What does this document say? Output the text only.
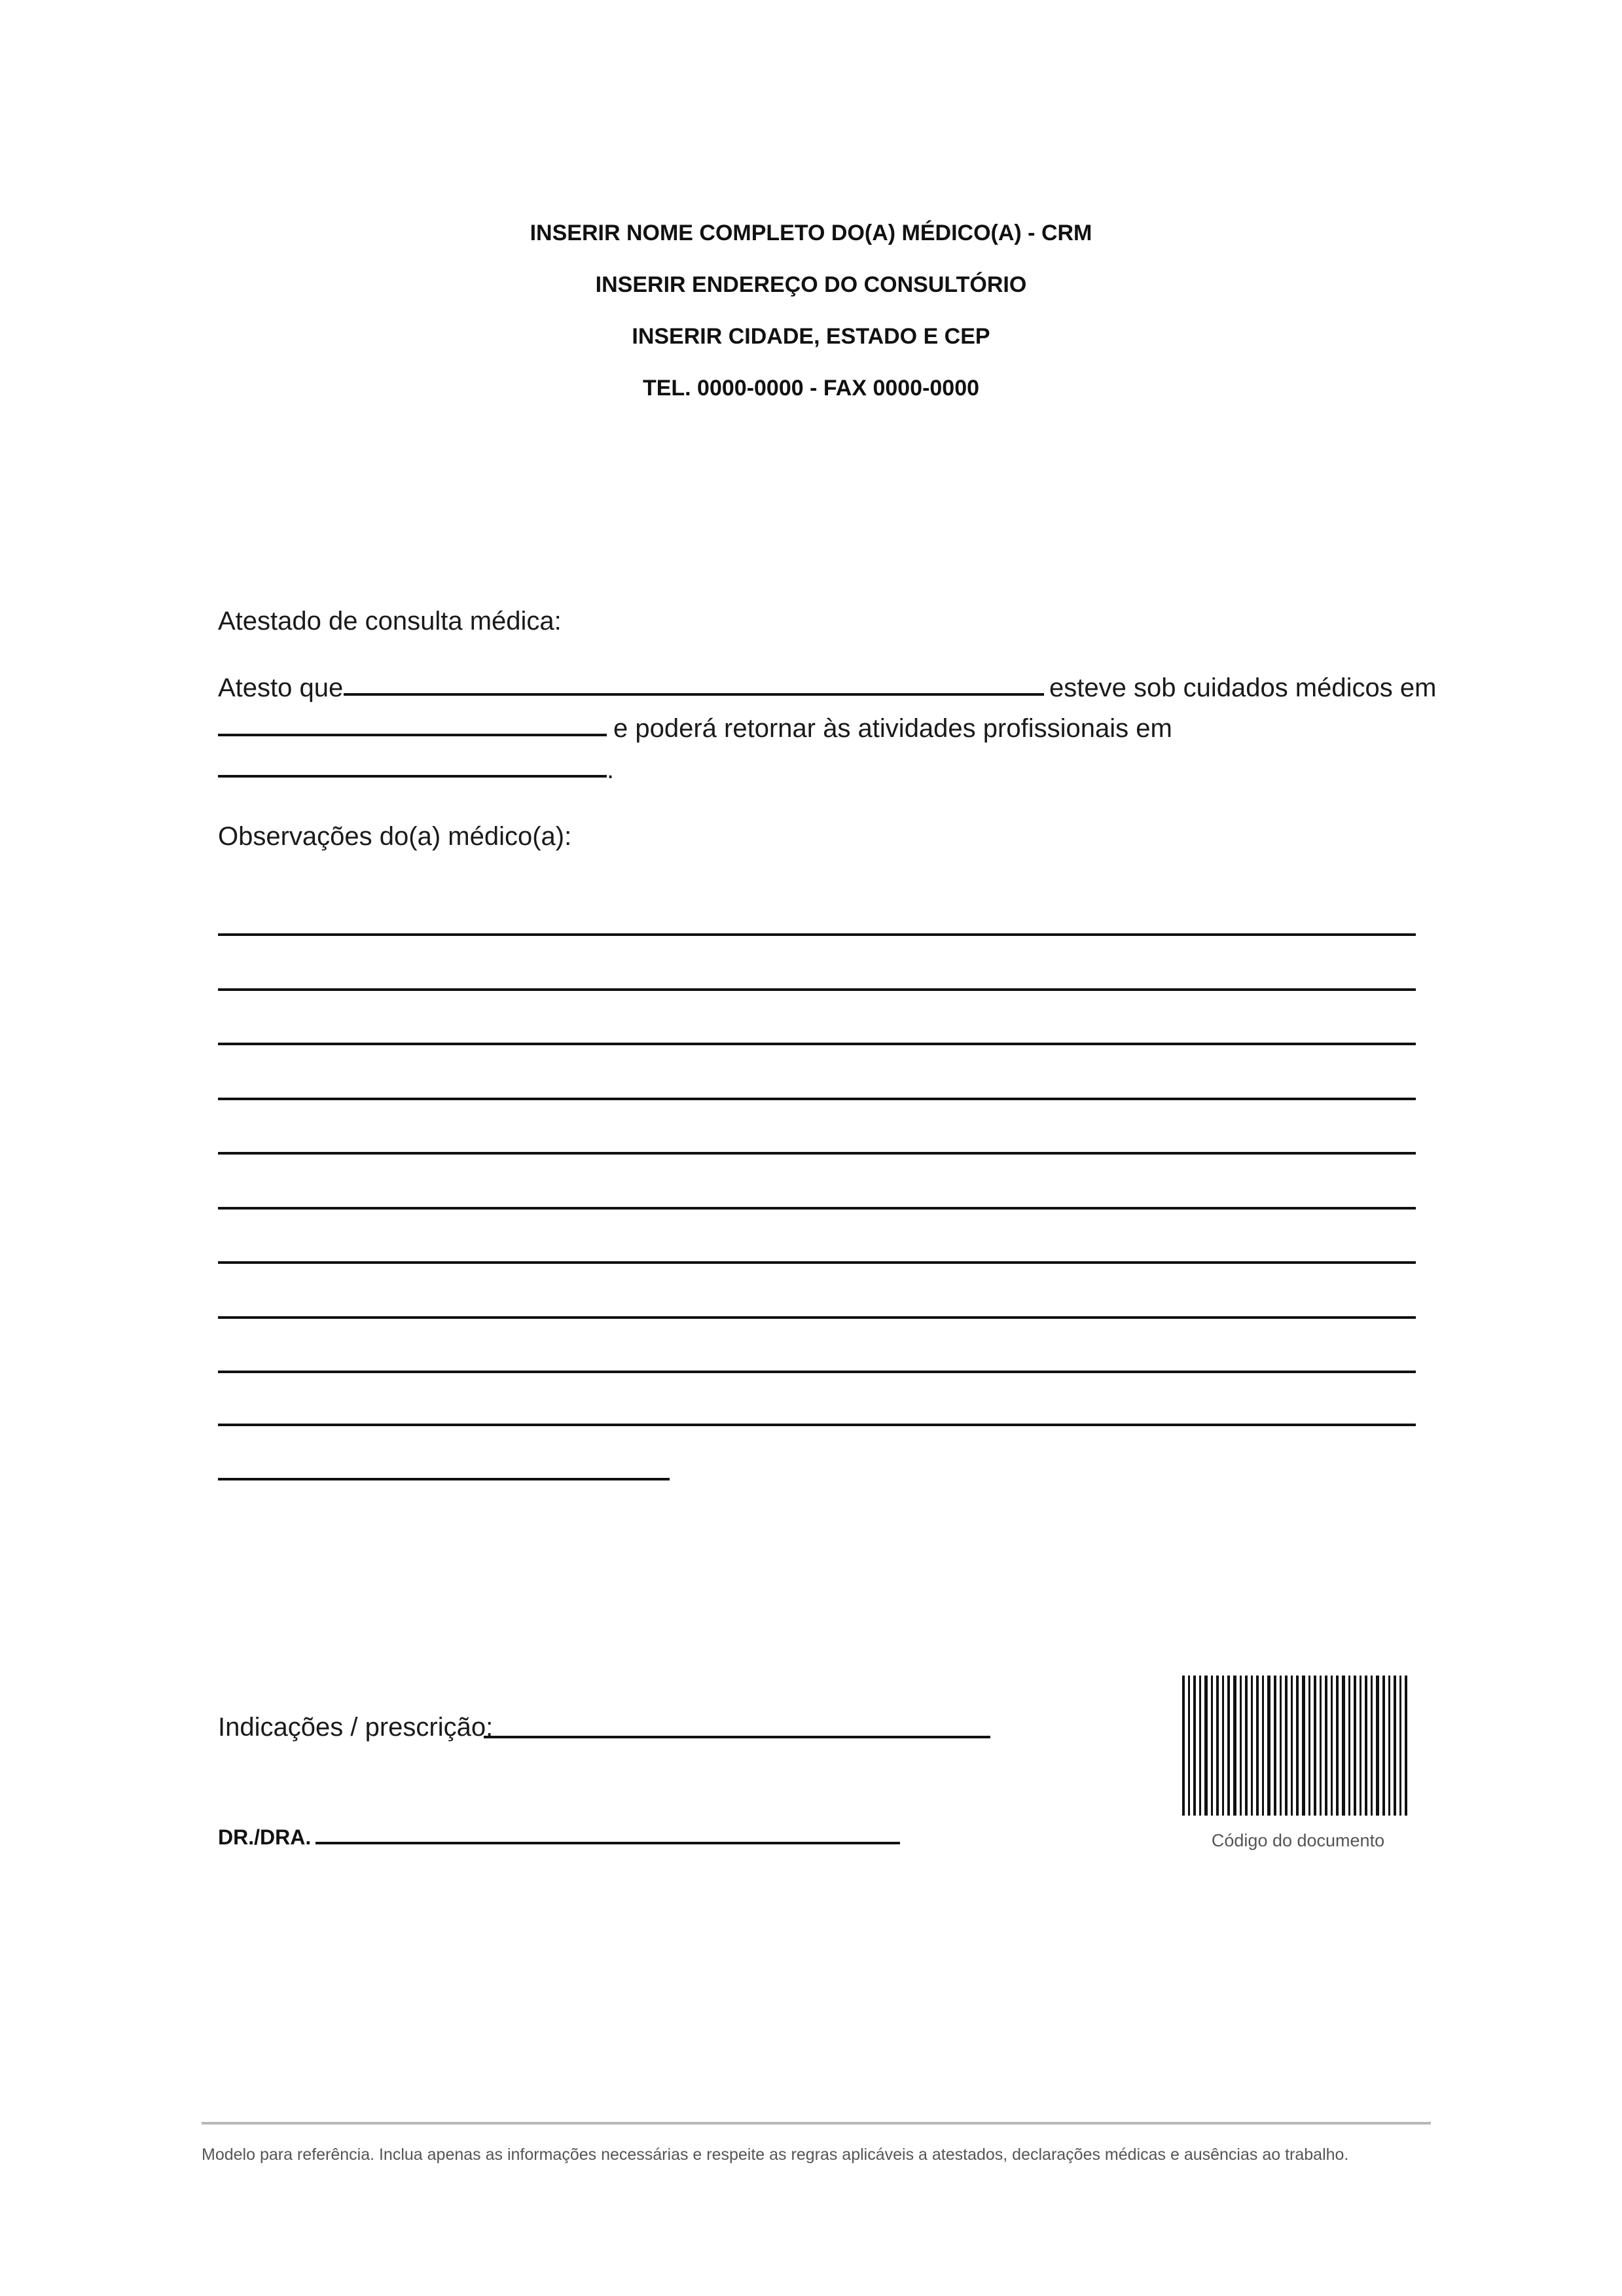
INSERIR NOME COMPLETO DO(A) MÉDICO(A) - CRM
INSERIR ENDEREÇO DO CONSULTÓRIO
INSERIR CIDADE, ESTADO E CEP
TEL. 0000-0000 - FAX 0000-0000
Atestado de consulta médica:
Atesto que	esteve sob cuidados médicos em
e poderá retornar às atividades profissionais em
.
Observações do(a) médico(a):
Indicações / prescrição:
DR./DRA.	Código do documento
Modelo para referência. Inclua apenas as informações necessárias e respeite as regras aplicáveis a atestados, declarações médicas e ausências ao trabalho.
